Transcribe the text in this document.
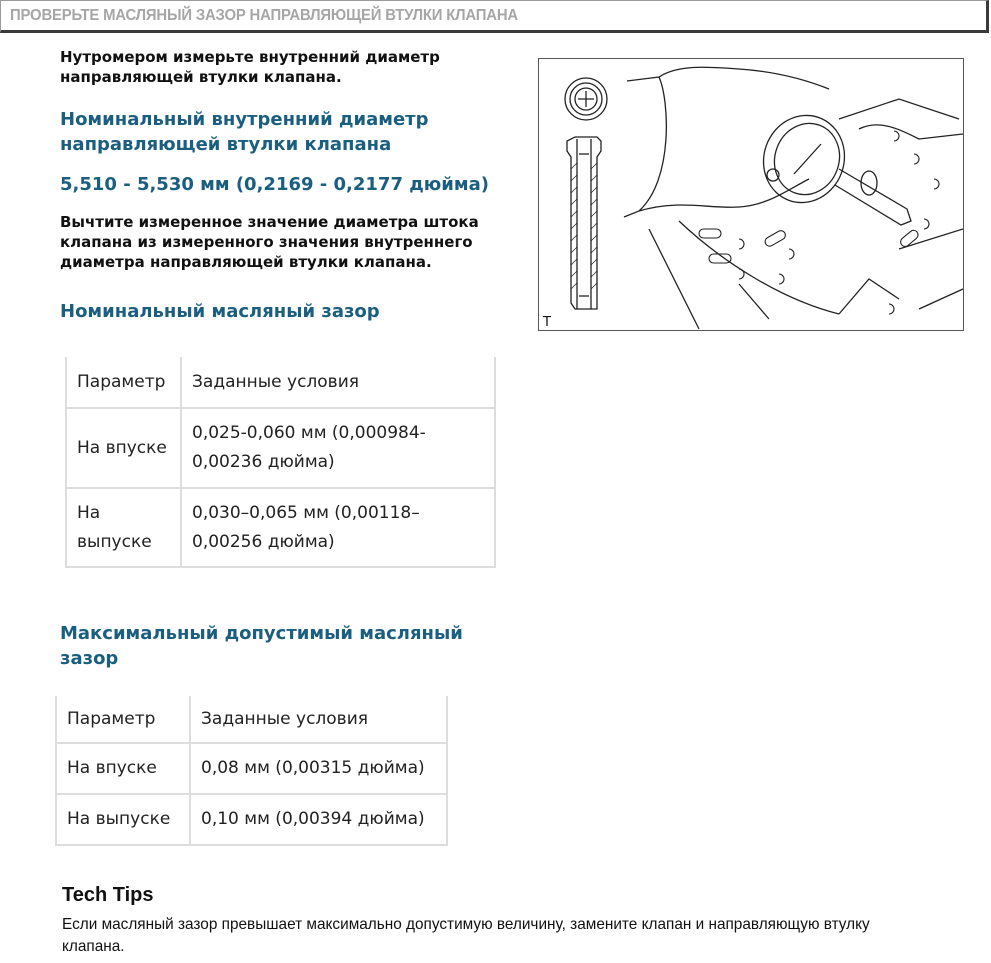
ПРОВЕРЬТЕ МАСЛЯНЫЙ ЗАЗОР НАПРАВЛЯЮЩЕЙ ВТУЛКИ КЛАПАНА
Нутромером измерьте внутренний диаметр направляющей втулки клапана.
Номинальный внутренний диаметр направляющей втулки клапана
5,510 - 5,530 мм (0,2169 - 0,2177 дюйма)
Вычтите измеренное значение диаметра штока клапана из измеренного значения внутреннего диаметра направляющей втулки клапана.
Номинальный масляный зазор
T
Параметр	Заданные условия
На впуске	0,025-0,060 мм (0,000984-0,00236 дюйма)
На выпуске	0,030–0,065 мм (0,00118–0,00256 дюйма)
Максимальный допустимый масляный зазор
Параметр	Заданные условия
На впуске	0,08 мм (0,00315 дюйма)
На выпуске	0,10 мм (0,00394 дюйма)
Tech Tips
Если масляный зазор превышает максимально допустимую величину, замените клапан и направляющую втулку клапана.
